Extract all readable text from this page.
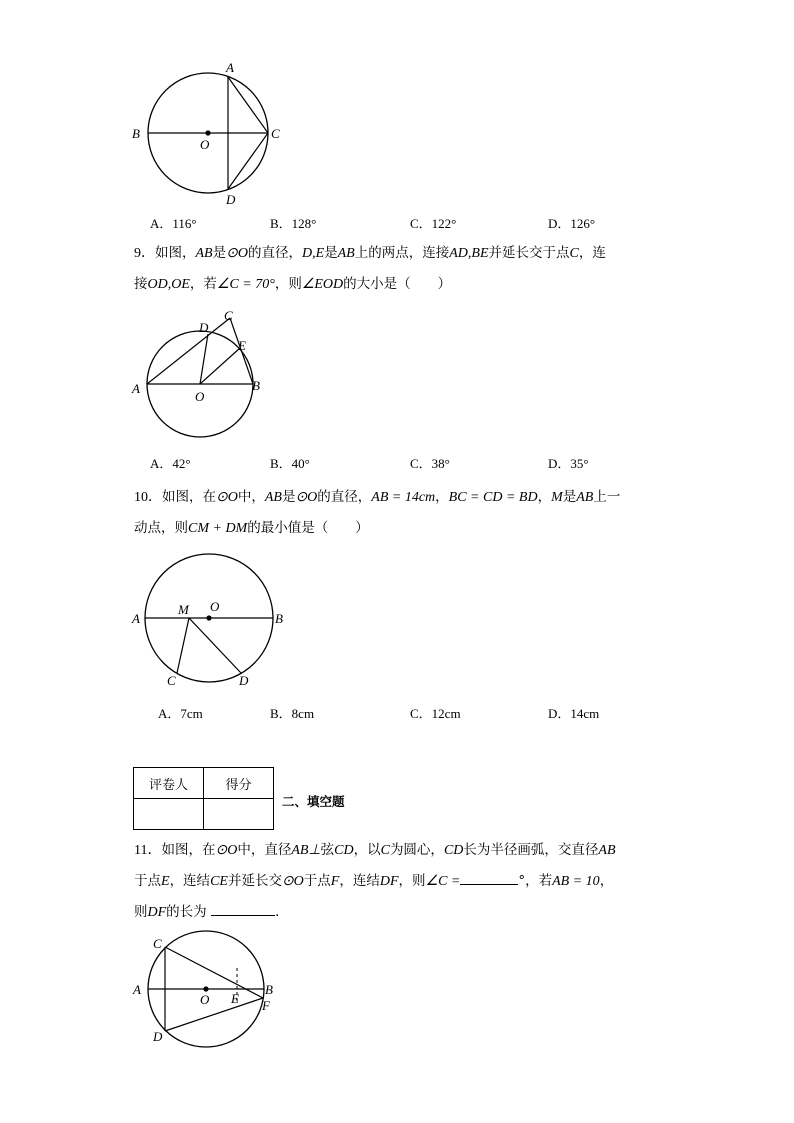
A
B
O
C
D
A．116°	B．128°	C．122°	D．126°
9．如图，AB是⊙O的直径，D,E是AB上的两点，连接AD,BE并延长交于点C，连
接OD,OE，若∠C = 70°，则∠EOD的大小是（　　）
C
D
E
A
O
B
A．42°	B．40°	C．38°	D．35°
10．如图，在⊙O中，AB是⊙O的直径，AB = 14cm，BC = CD = BD，M是AB上一
动点，则CM + DM的最小值是（　　）
A
M O
B
C	D
A．7cm	B．8cm	C．12cm	D．14cm
评卷人	得分

二、填空题
11．如图，在⊙O中，直径AB⊥弦CD，以C为圆心，CD长为半径画弧，交直径AB
于点E，连结CE并延长交⊙O于点F，连结DF，则∠C =	°，若AB = 10，
则DF的长为	.
C
A
O E
B
F
D
